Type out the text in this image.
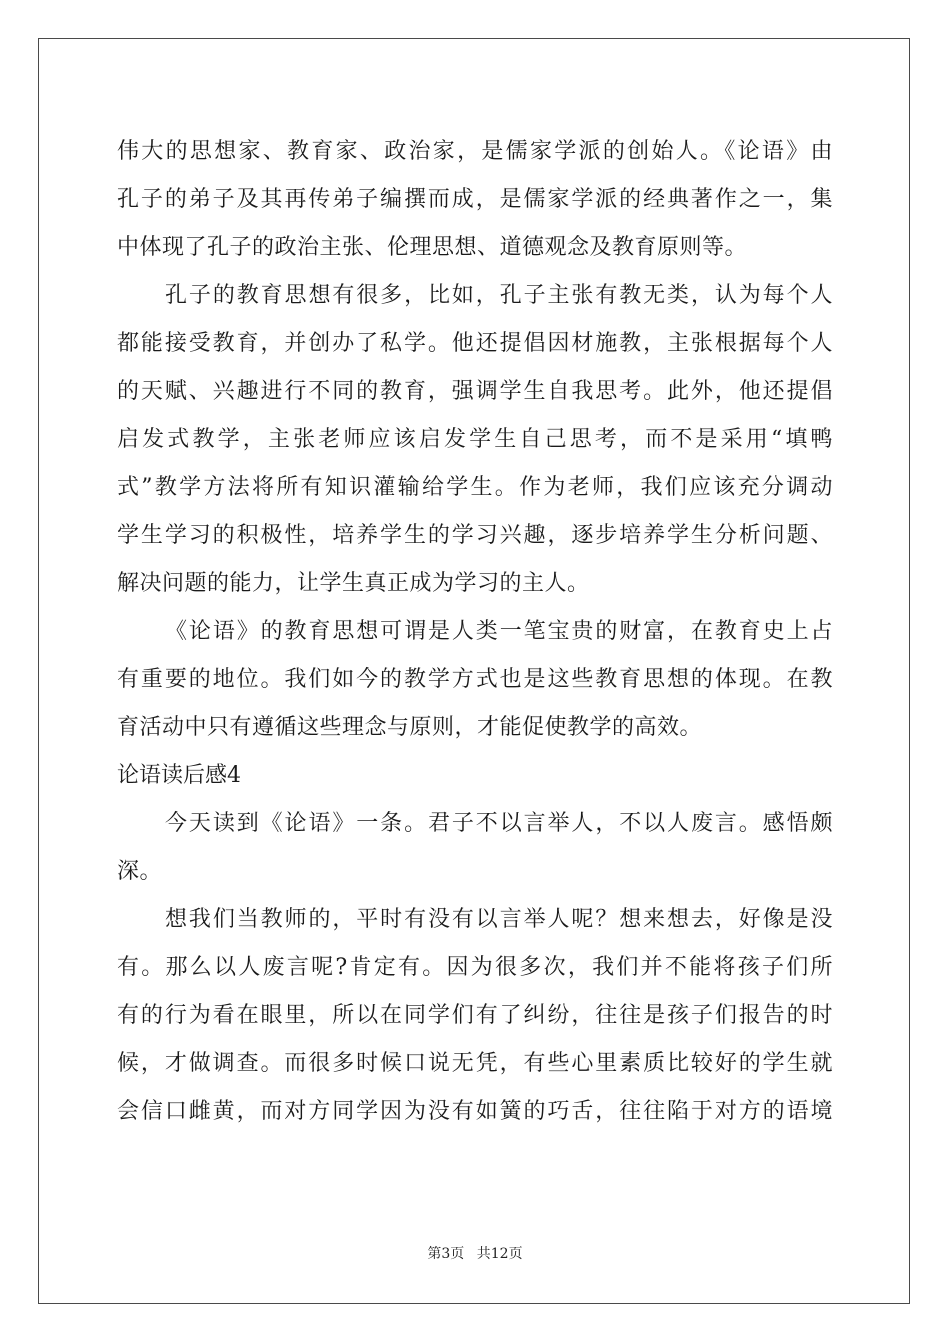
伟大的思想家、教育家、政治家，是儒家学派的创始人。《论语》由
孔子的弟子及其再传弟子编撰而成，是儒家学派的经典著作之一，集
中体现了孔子的政治主张、伦理思想、道德观念及教育原则等。
孔子的教育思想有很多，比如，孔子主张有教无类，认为每个人
都能接受教育，并创办了私学。他还提倡因材施教，主张根据每个人
的天赋、兴趣进行不同的教育，强调学生自我思考。此外，他还提倡
启发式教学，主张老师应该启发学生自己思考，而不是采用“填鸭
式”教学方法将所有知识灌输给学生。作为老师，我们应该充分调动
学生学习的积极性，培养学生的学习兴趣，逐步培养学生分析问题、
解决问题的能力，让学生真正成为学习的主人。
《论语》的教育思想可谓是人类一笔宝贵的财富，在教育史上占
有重要的地位。我们如今的教学方式也是这些教育思想的体现。在教
育活动中只有遵循这些理念与原则，才能促使教学的高效。
论语读后感4
今天读到《论语》一条。君子不以言举人，不以人废言。感悟颇
深。
想我们当教师的，平时有没有以言举人呢？想来想去，好像是没
有。那么以人废言呢?肯定有。因为很多次，我们并不能将孩子们所
有的行为看在眼里，所以在同学们有了纠纷，往往是孩子们报告的时
候，才做调查。而很多时候口说无凭，有些心里素质比较好的学生就
会信口雌黄，而对方同学因为没有如簧的巧舌，往往陷于对方的语境
第3页 共12页
